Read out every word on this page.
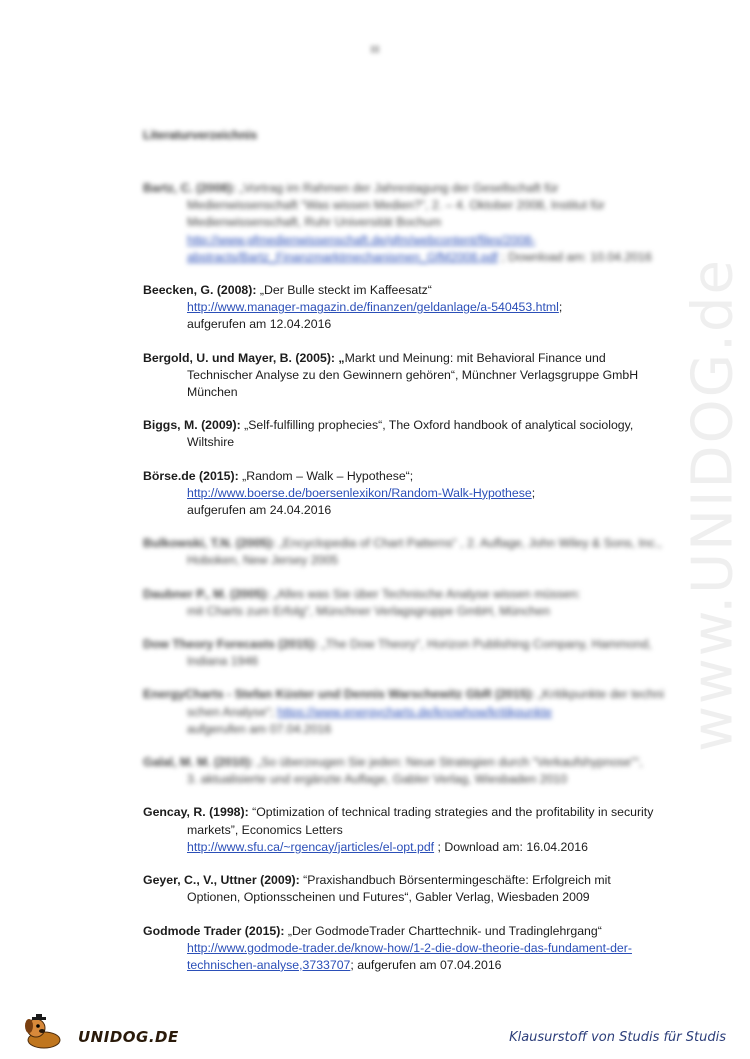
III
Literaturverzeichnis
Bartz, C. (2008): „Vortrag im Rahmen der Jahrestagung der Gesellschaft für
Medienwissenschaft “Was wissen Medien?”, 2. – 4. Oktober 2008, Institut für
Medienwissenschaft, Ruhr Universität Bochum
http://www.gfmedienwissenschaft.de/gfm/webcontent/files/2008-
abstracts/Bartz_Finanzmarktmechanismen_GfM2008.pdf ; Download am: 10.04.2016
Beecken, G. (2008): „Der Bulle steckt im Kaffeesatz“
http://www.manager-magazin.de/finanzen/geldanlage/a-540453.html;
aufgerufen am 12.04.2016
Bergold, U. und Mayer, B. (2005): „Markt und Meinung: mit Behavioral Finance und
Technischer Analyse zu den Gewinnern gehören“, Münchner Verlagsgruppe GmbH
München
Biggs, M. (2009): „Self-fulfilling prophecies“, The Oxford handbook of analytical sociology,
Wiltshire
Börse.de (2015): „Random – Walk – Hypothese“;
http://www.boerse.de/boersenlexikon/Random-Walk-Hypothese;
aufgerufen am 24.04.2016
Bulkowski, T.N. (2005): „Encyclopedia of Chart Patterns“ , 2. Auflage, John Wiley & Sons, Inc.,
Hoboken, New Jersey 2005
Daubner P., M. (2005): „Alles was Sie über Technische Analyse wissen müssen:
mit Charts zum Erfolg“, Münchner Verlagsgruppe GmbH, München
Dow Theory Forecasts (2015): „The Dow Theory“, Horizon Publishing Company, Hammond,
Indiana 1946
EnergyCharts - Stefan Küster und Dennis Warschewitz GbR (2015): „Kritikpunkte der techni
schen Analyse“; https://www.energycharts.de/knowhow/kritikpunkte
aufgerufen am 07.04.2016
Galal, M. M. (2010): „So überzeugen Sie jeden: Neue Strategien durch “Verkaufshypnose”“,
3. aktualisierte und ergänzte Auflage, Gabler Verlag, Wiesbaden 2010
Gencay, R. (1998): “Optimization of technical trading strategies and the profitability in security
markets”, Economics Letters
http://www.sfu.ca/~rgencay/jarticles/el-opt.pdf ; Download am: 16.04.2016
Geyer, C., V., Uttner (2009): “Praxishandbuch Börsentermingeschäfte: Erfolgreich mit
Optionen, Optionsscheinen und Futures“, Gabler Verlag, Wiesbaden 2009
Godmode Trader (2015): „Der GodmodeTrader Charttechnik- und Tradinglehrgang“
http://www.godmode-trader.de/know-how/1-2-die-dow-theorie-das-fundament-der-
technischen-analyse,3733707; aufgerufen am 07.04.2016
www.UNIDOG.de
UNIDOG.DE	Klausurstoff von Studis für Studis
